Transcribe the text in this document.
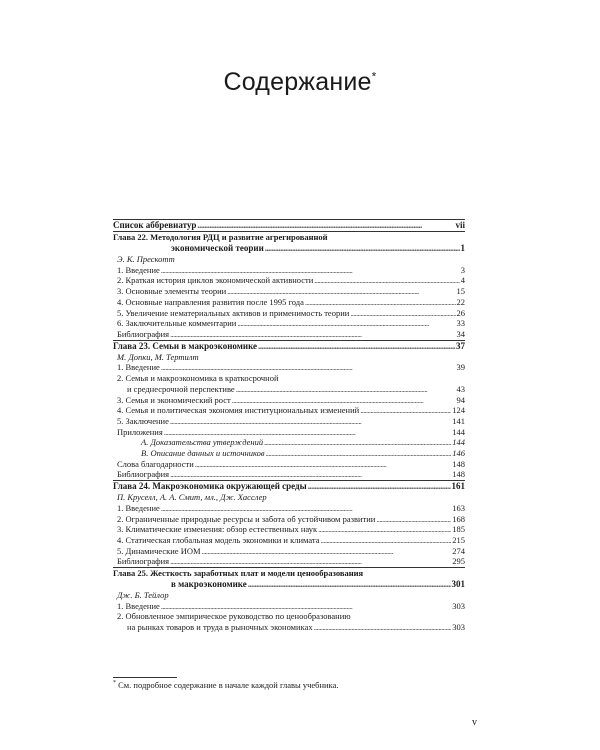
Содержание*
Список аббревиатур . . .	vii
Глава 22. Методология РДЦ и развитие агрегированной
экономической теории . . .	1
Э. К. Прескотт
1. Введение . . .	3
2. Краткая история циклов экономической активности . . .	4
3. Основные элементы теории . . .	15
4. Основные направления развития после 1995 года . . .	22
5. Увеличение нематериальных активов и применимость теории . . .	26
6. Заключительные комментарии . . .	33
Библиография . . .	34
Глава 23. Семьи в макроэкономике . . .	37
М. Допки, М. Тертилт
1. Введение . . .	39
2. Семья и макроэкономика в краткосрочной
и среднесрочной перспективе . . .	43
3. Семья и экономический рост . . .	94
4. Семья и политическая экономия институциональных изменений . . .	124
5. Заключение . . .	141
Приложения . . .	144
А. Доказательства утверждений . . .	144
В. Описание данных и источников . . .	146
Слова благодарности . . .	148
Библиография . . .	148
Глава 24. Макроэкономика окружающей среды . . .	161
П. Круселл, А. А. Смит, мл., Дж. Хасслер
1. Введение . . .	163
2. Ограниченные природные ресурсы и забота об устойчивом развитии . . .	168
3. Климатические изменения: обзор естественных наук . . .	185
4. Статическая глобальная модель экономики и климата . . .	215
5. Динамические ИОМ . . .	274
Библиография . . .	295
Глава 25. Жесткость заработных плат и модели ценообразования
в макроэкономике . . .	301
Дж. Б. Тейлор
1. Введение . . .	303
2. Обновленное эмпирическое руководство по ценообразованию
на рынках товаров и труда в рыночных экономиках . . .	303
* См. подробное содержание в начале каждой главы учебника.
v
